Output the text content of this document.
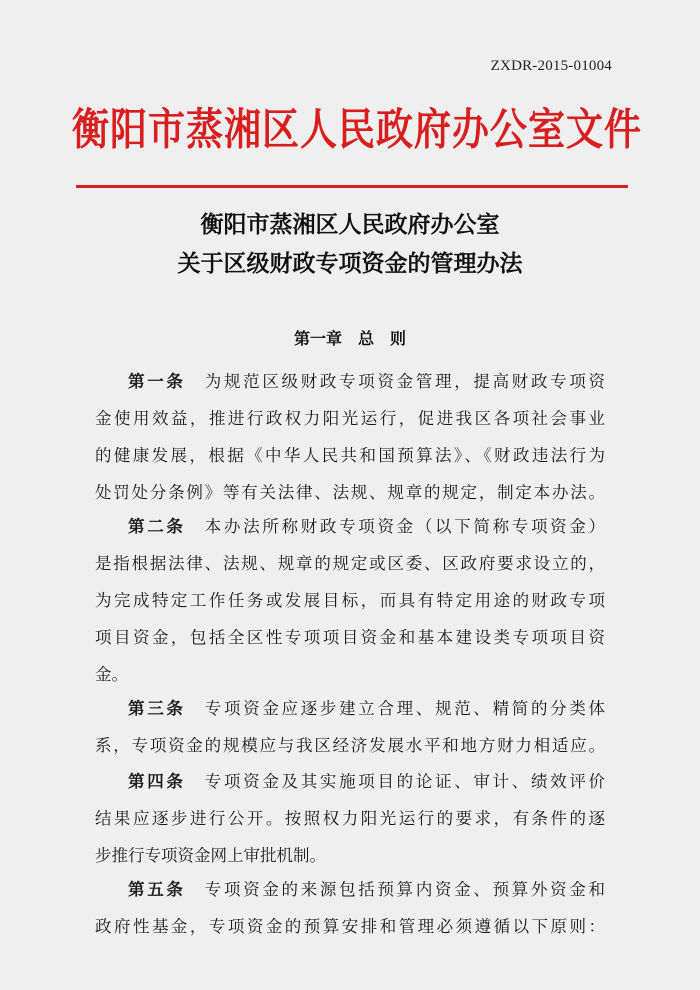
ZXDR-2015-01004
衡阳市蒸湘区人民政府办公室文件
衡阳市蒸湘区人民政府办公室
关于区级财政专项资金的管理办法
第一章　总　则
第一条　为规范区级财政专项资金管理，提高财政专项资
金使用效益，推进行政权力阳光运行，促进我区各项社会事业
的健康发展，根据《中华人民共和国预算法》、《财政违法行为
处罚处分条例》等有关法律、法规、规章的规定，制定本办法。
第二条　本办法所称财政专项资金（以下简称专项资金）
是指根据法律、法规、规章的规定或区委、区政府要求设立的，
为完成特定工作任务或发展目标，而具有特定用途的财政专项
项目资金，包括全区性专项项目资金和基本建设类专项项目资
金。
第三条　专项资金应逐步建立合理、规范、精简的分类体
系，专项资金的规模应与我区经济发展水平和地方财力相适应。
第四条　专项资金及其实施项目的论证、审计、绩效评价
结果应逐步进行公开。按照权力阳光运行的要求，有条件的逐
步推行专项资金网上审批机制。
第五条　专项资金的来源包括预算内资金、预算外资金和
政府性基金，专项资金的预算安排和管理必须遵循以下原则：
